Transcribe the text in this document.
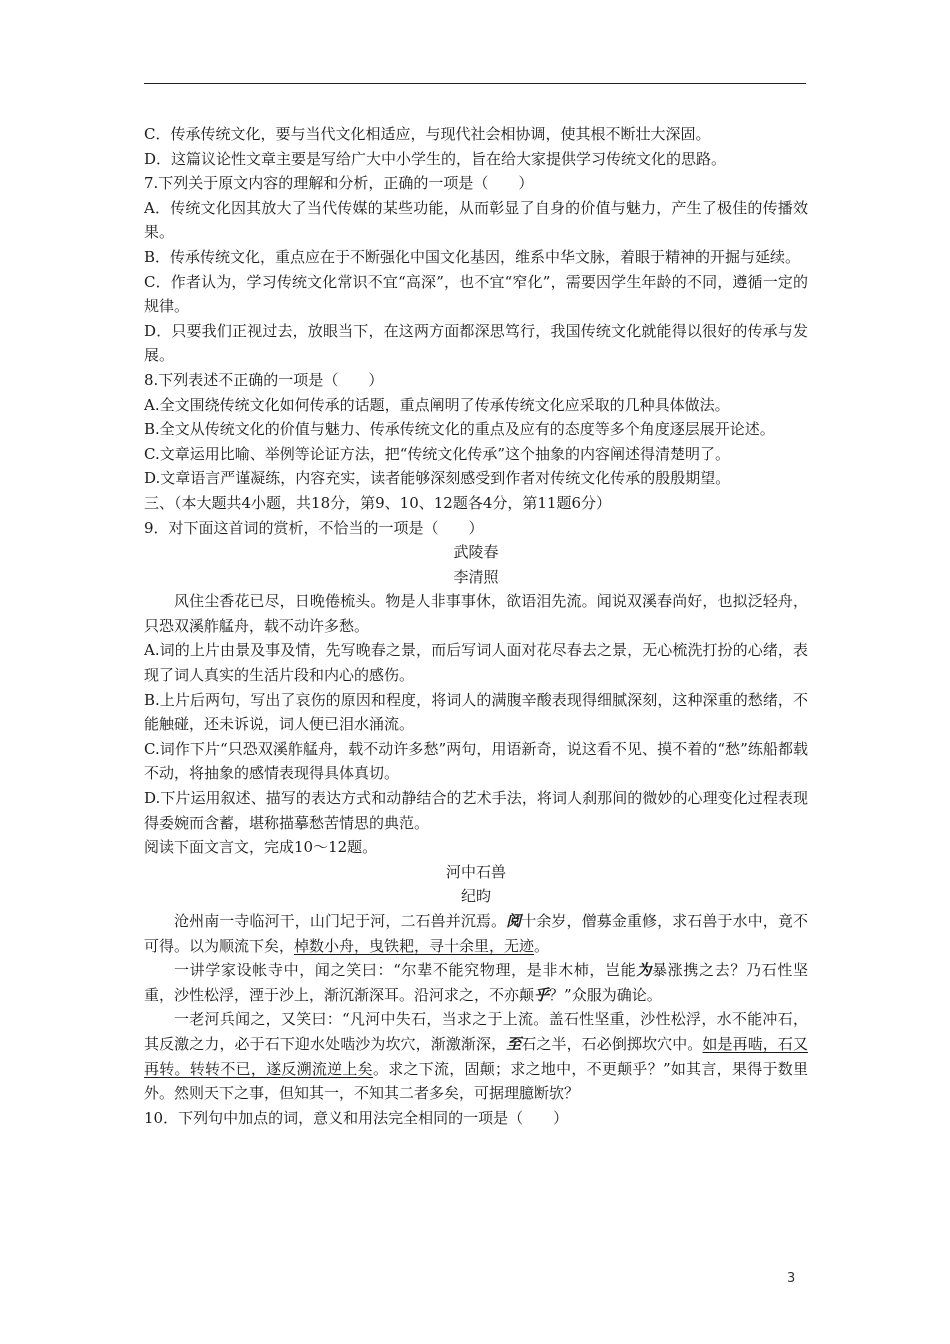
C．传承传统文化，要与当代文化相适应，与现代社会相协调，使其根不断壮大深固。

D．这篇议论性文章主要是写给广大中小学生的，旨在给大家提供学习传统文化的思路。

7.下列关于原文内容的理解和分析，正确的一项是（　　）

A．传统文化因其放大了当代传媒的某些功能，从而彰显了自身的价值与魅力，产生了极佳的传播效果。

B．传承传统文化，重点应在于不断强化中国文化基因，维系中华文脉，着眼于精神的开掘与延续。

C．作者认为，学习传统文化常识不宜“高深”，也不宜“窄化”，需要因学生年龄的不同，遵循一定的规律。

D．只要我们正视过去，放眼当下，在这两方面都深思笃行，我国传统文化就能得以很好的传承与发展。

8.下列表述不正确的一项是（　　）

A.全文围绕传统文化如何传承的话题，重点阐明了传承传统文化应采取的几种具体做法。

B.全文从传统文化的价值与魅力、传承传统文化的重点及应有的态度等多个角度逐层展开论述。

C.文章运用比喻、举例等论证方法，把“传统文化传承”这个抽象的内容阐述得清楚明了。

D.文章语言严谨凝练，内容充实，读者能够深刻感受到作者对传统文化传承的殷殷期望。

三、（本大题共4小题，共18分，第9、10、12题各4分，第11题6分）

9．对下面这首词的赏析，不恰当的一项是（　　）

武陵春

李清照

风住尘香花已尽，日晚倦梳头。物是人非事事休，欲语泪先流。闻说双溪春尚好，也拟泛轻舟，只恐双溪舴艋舟，载不动许多愁。

A.词的上片由景及事及情，先写晚春之景，而后写词人面对花尽春去之景，无心梳洗打扮的心绪，表现了词人真实的生活片段和内心的感伤。

B.上片后两句，写出了哀伤的原因和程度，将词人的满腹辛酸表现得细腻深刻，这种深重的愁绪，不能触碰，还未诉说，词人便已泪水涌流。

C.词作下片“只恐双溪舴艋舟，载不动许多愁”两句，用语新奇，说这看不见、摸不着的“愁”练船都载不动，将抽象的感情表现得具体真切。

D.下片运用叙述、描写的表达方式和动静结合的艺术手法，将词人刹那间的微妙的心理变化过程表现得委婉而含蓄，堪称描摹愁苦情思的典范。

阅读下面文言文，完成10～12题。

河中石兽

纪昀

沧州南一寺临河干，山门圮于河，二石兽并沉焉。阅十余岁，僧募金重修，求石兽于水中，竟不可得。以为顺流下矣，棹数小舟，曳铁耙，寻十余里，无迹。

一讲学家设帐寺中，闻之笑曰：“尔辈不能究物理，是非木杮，岂能为暴涨携之去？乃石性坚重，沙性松浮，湮于沙上，渐沉渐深耳。沿河求之，不亦颠乎？”众服为确论。

一老河兵闻之，又笑曰：“凡河中失石，当求之于上流。盖石性坚重，沙性松浮，水不能冲石，其反激之力，必于石下迎水处啮沙为坎穴，渐激渐深，至石之半，石必倒掷坎穴中。如是再啮，石又再转。转转不已，遂反溯流逆上矣。求之下流，固颠；求之地中，不更颠乎？”如其言，果得于数里外。然则天下之事，但知其一，不知其二者多矣，可据理臆断欤？

10．下列句中加点的词，意义和用法完全相同的一项是（　　）

3
